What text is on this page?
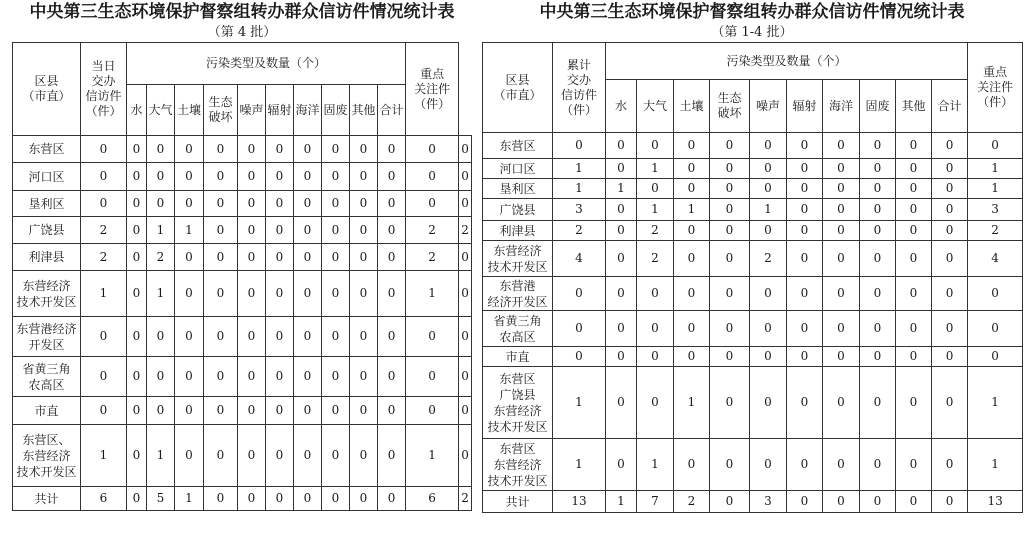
中央第三生态环境保护督察组转办群众信访件情况统计表
（第 4 批）
区县
（市直）	当日
交办
信访件
（件）	污染类型及数量（个）										重点
关注件
（件）	
		水	大气	土壤	生态
破坏	噪声	辐射	海洋	固废	其他	合计		
东营区	0	0	0	0	0	0	0	0	0	0	0	0	0
河口区	0	0	0	0	0	0	0	0	0	0	0	0	0
垦利区	0	0	0	0	0	0	0	0	0	0	0	0	0
广饶县	2	0	1	1	0	0	0	0	0	0	0	2	2
利津县	2	0	2	0	0	0	0	0	0	0	0	2	0
东营经济
技术开发区	1	0	1	0	0	0	0	0	0	0	0	1	0
东营港经济
开发区	0	0	0	0	0	0	0	0	0	0	0	0	0
省黄三角
农高区	0	0	0	0	0	0	0	0	0	0	0	0	0
市直	0	0	0	0	0	0	0	0	0	0	0	0	0
东营区、
东营经济
技术开发区	1	0	1	0	0	0	0	0	0	0	0	1	0
共计	6	0	5	1	0	0	0	0	0	0	0	6	2
中央第三生态环境保护督察组转办群众信访件情况统计表
（第 1-4 批）
区县
（市直）	累计
交办
信访件
（件）	污染类型及数量（个）										重点
关注件
（件）	
		水	大气	土壤	生态
破坏	噪声	辐射	海洋	固废	其他	合计		
东营区	0	0	0	0	0	0	0	0	0	0	0	0	
河口区	1	0	1	0	0	0	0	0	0	0	0	1	
垦利区	1	1	0	0	0	0	0	0	0	0	0	1	
广饶县	3	0	1	1	0	1	0	0	0	0	0	3	
利津县	2	0	2	0	0	0	0	0	0	0	0	2	
东营经济
技术开发区	4	0	2	0	0	2	0	0	0	0	0	4	
东营港
经济开发区	0	0	0	0	0	0	0	0	0	0	0	0	
省黄三角
农高区	0	0	0	0	0	0	0	0	0	0	0	0	
市直	0	0	0	0	0	0	0	0	0	0	0	0	
东营区
广饶县
东营经济
技术开发区	1	0	0	1	0	0	0	0	0	0	0	1	
东营区
东营经济
技术开发区	1	0	1	0	0	0	0	0	0	0	0	1	
共计	13	1	7	2	0	3	0	0	0	0	0	13	
